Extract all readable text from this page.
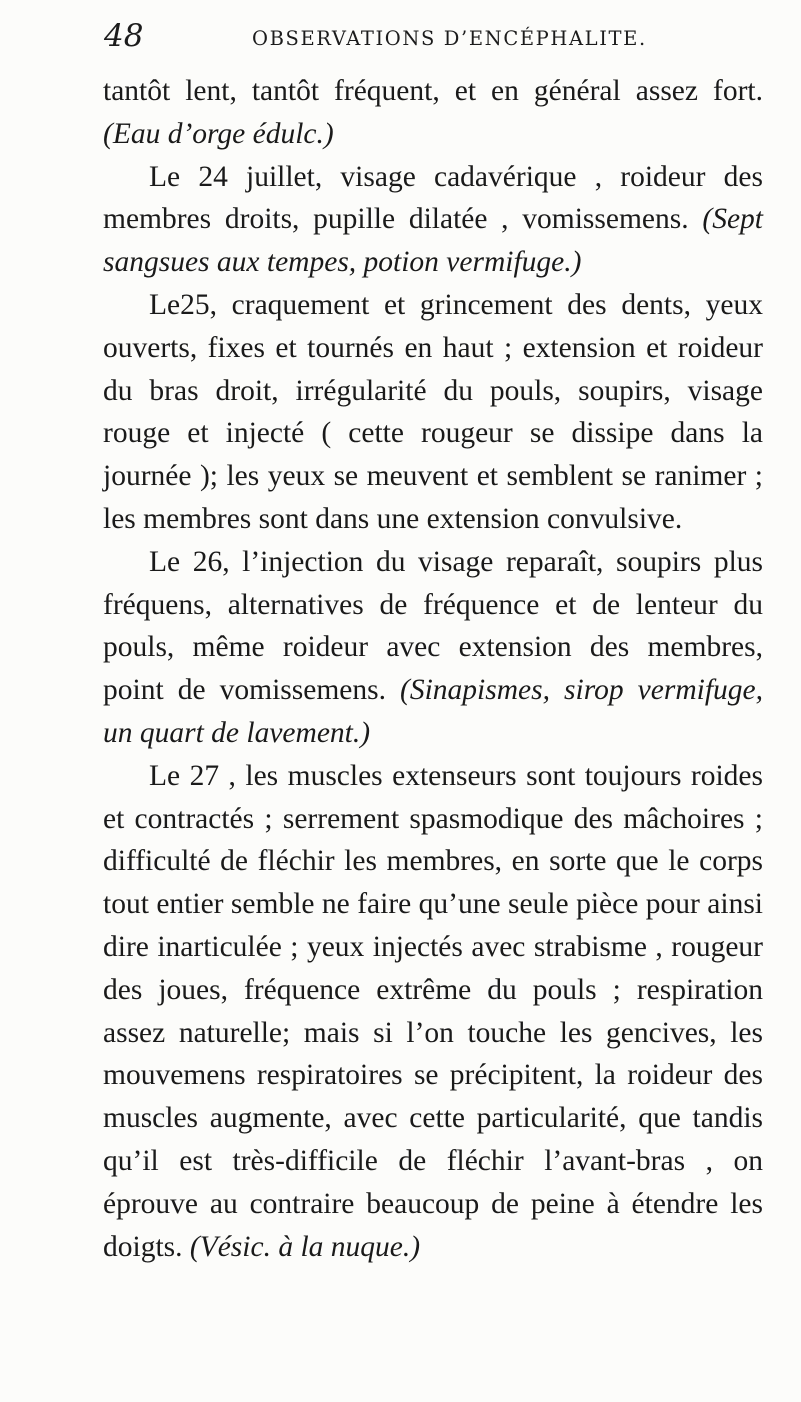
48	OBSERVATIONS D’ENCÉPHALITE.

tantôt lent, tantôt fréquent, et en général assez fort. (Eau d’orge édulc.)

Le 24 juillet, visage cadavérique , roideur des membres droits, pupille dilatée , vomissemens. (Sept sangsues aux tempes, potion vermifuge.)

Le25, craquement et grincement des dents, yeux ouverts, fixes et tournés en haut ; extension et roideur du bras droit, irrégularité du pouls, soupirs, visage rouge et injecté ( cette rougeur se dissipe dans la journée ); les yeux se meuvent et semblent se ranimer ; les membres sont dans une extension convulsive.

Le 26, l’injection du visage reparaît, soupirs plus fréquens, alternatives de fréquence et de lenteur du pouls, même roideur avec extension des membres, point de vomissemens. (Sinapismes, sirop vermifuge, un quart de lavement.)

Le 27 , les muscles extenseurs sont toujours roides et contractés ; serrement spasmodique des mâchoires ; difficulté de fléchir les membres, en sorte que le corps tout entier semble ne faire qu’une seule pièce pour ainsi dire inarticulée ; yeux injectés avec strabisme , rougeur des joues, fréquence extrême du pouls ; respiration assez naturelle; mais si l’on touche les gencives, les mouvemens respiratoires se précipitent, la roideur des muscles augmente, avec cette particularité, que tandis qu’il est très-difficile de fléchir l’avant-bras , on éprouve au contraire beaucoup de peine à étendre les doigts. (Vésic. à la nuque.)
